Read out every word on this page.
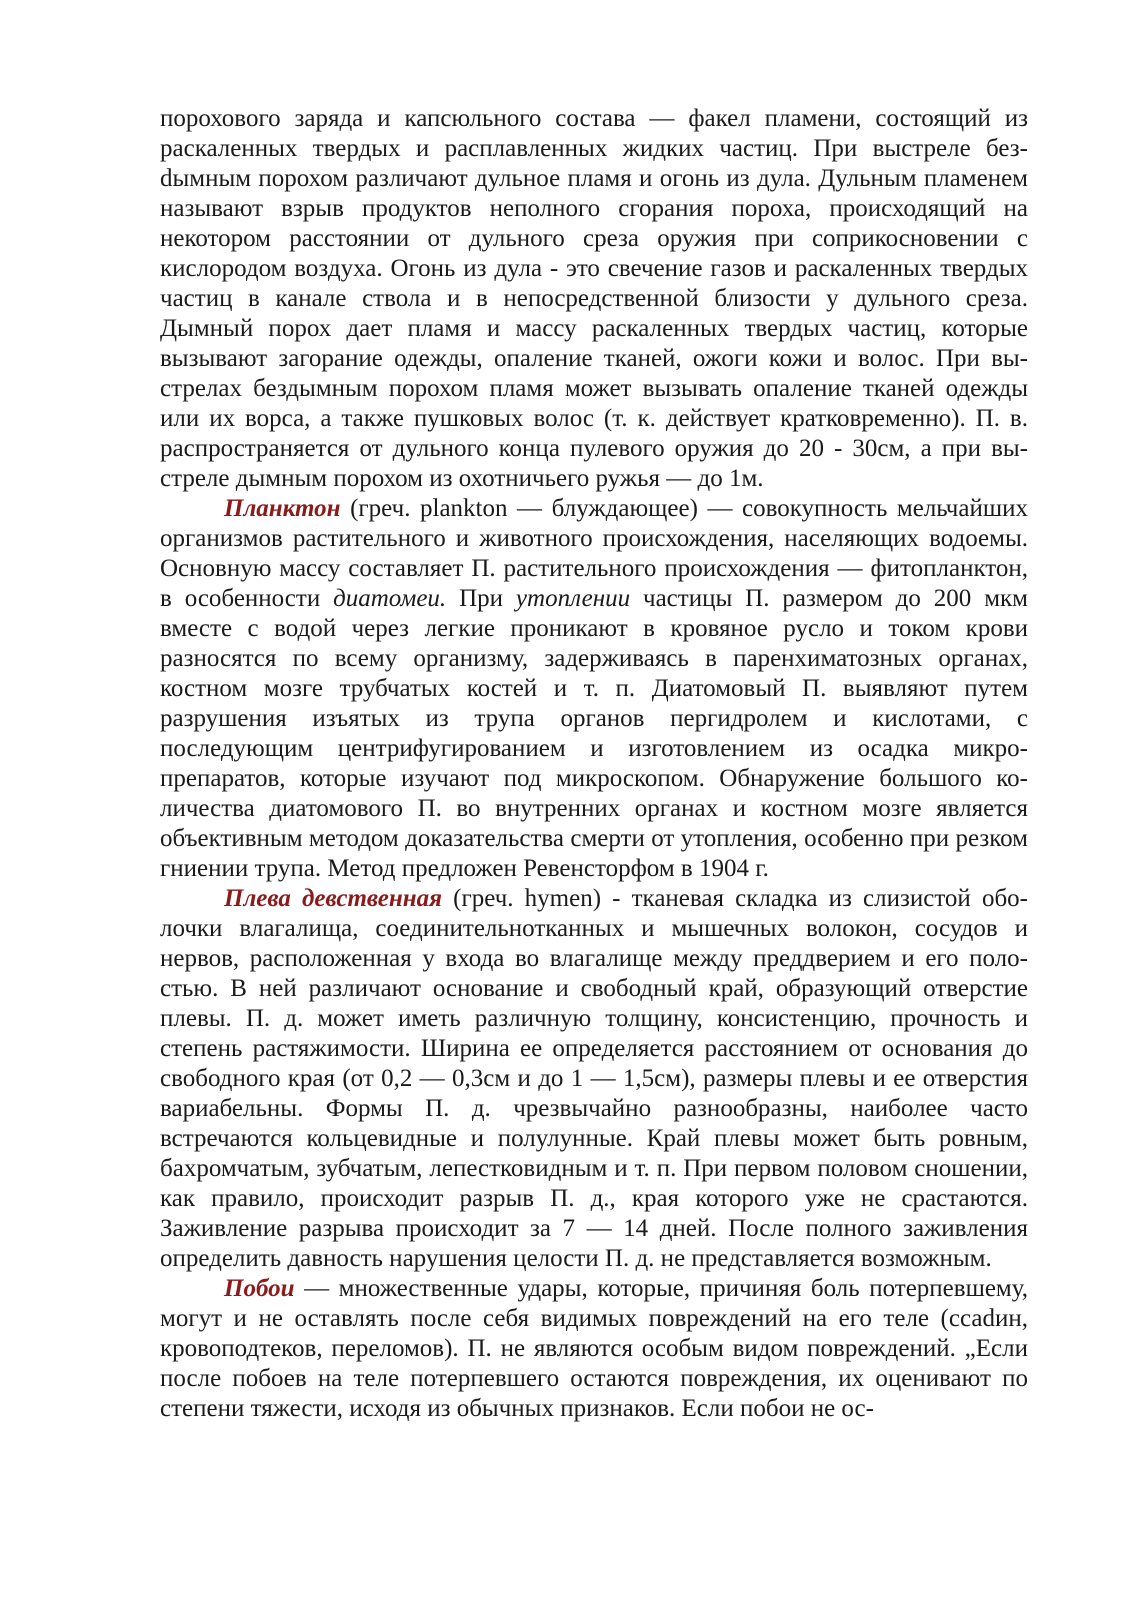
порохового заряда и капсюльного состава — факел пламени, состоящий из раскаленных твердых и расплавленных жидких частиц. При выстреле безdымным порохом различают дульное пламя и огонь из дула. Дульным пламенем называют взрыв продуктов неполного сгорания пороха, происходящий на некотором расстоянии от дульного среза оружия при соприкосновении с кислородом воздуха. Огонь из дула - это свечение газов и раскаленных твердых частиц в канале ствола и в непосредственной близости у дульного среза. Дымный порох дает пламя и массу раскаленных твердых частиц, которые вызывают загорание одежды, опаление тканей, ожоги кожи и волос. При выстрелах бездымным порохом пламя может вызывать опаление тканей одежды или их ворса, а также пушковых волос (т. к. действует кратковременно). П. в. распространяется от дульного конца пулевого оружия до 20 - 30см, а при выстреле дымным порохом из охотничьего ружья — до 1м.

Планктон (греч. plankton — блуждающее) — совокупность мельчайших организмов растительного и животного происхождения, населяющих водоемы. Основную массу составляет П. растительного происхождения — фитопланктон, в особенности диатомеи. При утоплении частицы П. размером до 200 мкм вместе с водой через легкие проникают в кровяное русло и током крови разносятся по всему организму, задерживаясь в паренхиматозных органах, костном мозге трубчатых костей и т. п. Диатомовый П. выявляют путем разрушения изъятых из трупа органов пергидролем и кислотами, с последующим центрифугированием и изготовлением из осадка микропрепаратов, которые изучают под микроскопом. Обнаружение большого количества диатомового П. во внутренних органах и костном мозге является объективным методом доказательства смерти от утопления, особенно при резком гниении трупа. Метод предложен Ревенсторфом в 1904 г.

Плева девственная (греч. hymen) - тканевая складка из слизистой оболочки влагалища, соединительнотканных и мышечных волокон, сосудов и нервов, расположенная у входа во влагалище между преддверием и его полостью. В ней различают основание и свободный край, образующий отверстие плевы. П. д. может иметь различную толщину, консистенцию, прочность и степень растяжимости. Ширина ее определяется расстоянием от основания до свободного края (от 0,2 — 0,3см и до 1 — 1,5см), размеры плевы и ее отверстия вариабельны. Формы П. д. чрезвычайно разнообразны, наиболее часто встречаются кольцевидные и полулунные. Край плевы может быть ровным, бахромчатым, зубчатым, лепестковидным и т. п. При первом половом сношении, как правило, происходит разрыв П. д., края которого уже не срастаются. Заживление разрыва происходит за 7 — 14 дней. После полного заживления определить давность нарушения целости П. д. не представляется возможным.

Побои — множественные удары, которые, причиняя боль потерпевшему, могут и не оставлять после себя видимых повреждений на его теле (ссаdин, кровоподтеков, переломов). П. не являются особым видом повреждений. „Если после побоев на теле потерпевшего остаются повреждения, их оценивают по степени тяжести, исходя из обычных признаков. Если побои не ос-
